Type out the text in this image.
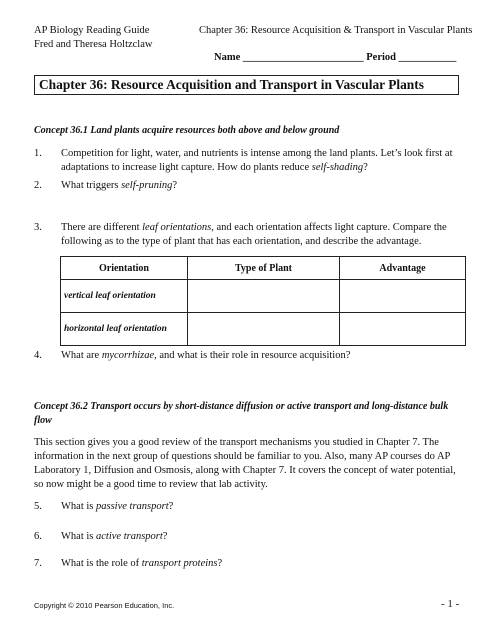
AP Biology Reading Guide
Fred and Theresa Holtzclaw
Chapter 36: Resource Acquisition & Transport in Vascular Plants
Name _______________________ Period ___________
Chapter 36: Resource Acquisition and Transport in Vascular Plants
Concept 36.1 Land plants acquire resources both above and below ground
1. Competition for light, water, and nutrients is intense among the land plants. Let’s look first at adaptations to increase light capture. How do plants reduce self-shading?
2. What triggers self-pruning?
3. There are different leaf orientations, and each orientation affects light capture. Compare the following as to the type of plant that has each orientation, and describe the advantage.
Orientation	Type of Plant	Advantage
vertical leaf orientation		
horizontal leaf orientation		
4. What are mycorrhizae, and what is their role in resource acquisition?
Concept 36.2 Transport occurs by short-distance diffusion or active transport and long-distance bulk flow
This section gives you a good review of the transport mechanisms you studied in Chapter 7. The information in the next group of questions should be familiar to you. Also, many AP courses do AP Laboratory 1, Diffusion and Osmosis, along with Chapter 7. It covers the concept of water potential, so now might be a good time to review that lab activity.
5. What is passive transport?
6. What is active transport?
7. What is the role of transport proteins?
Copyright © 2010 Pearson Education, Inc.	- 1 -
